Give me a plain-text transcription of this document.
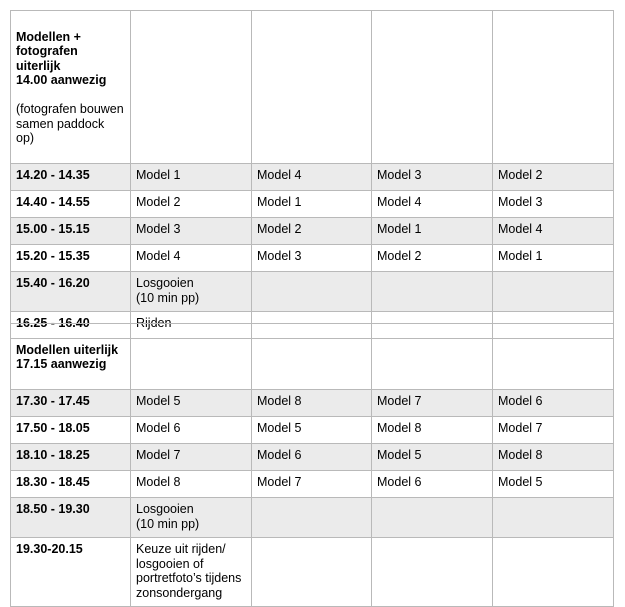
Modellen +
fotografen uiterlijk
14.00 aanwezig

(fotografen bouwen
samen paddock op)				

14.20 - 14.35	Model 1	Model 4	Model 3	Model 2
14.40 - 14.55	Model 2	Model 1	Model 4	Model 3
15.00 - 15.15	Model 3	Model 2	Model 1	Model 4
15.20 - 15.35	Model 4	Model 3	Model 2	Model 1
15.40 - 16.20	Losgooien
(10 min pp)			
16.25 - 16.40	Rijden			

Modellen uiterlijk
17.15 aanwezig				

17.30 - 17.45	Model 5	Model 8	Model 7	Model 6
17.50 - 18.05	Model 6	Model 5	Model 8	Model 7
18.10 - 18.25	Model 7	Model 6	Model 5	Model 8
18.30 - 18.45	Model 8	Model 7	Model 6	Model 5
18.50 - 19.30	Losgooien
(10 min pp)			
19.30-20.15	Keuze uit rijden/
losgooien of
portretfoto’s tijdens
zonsondergang			
